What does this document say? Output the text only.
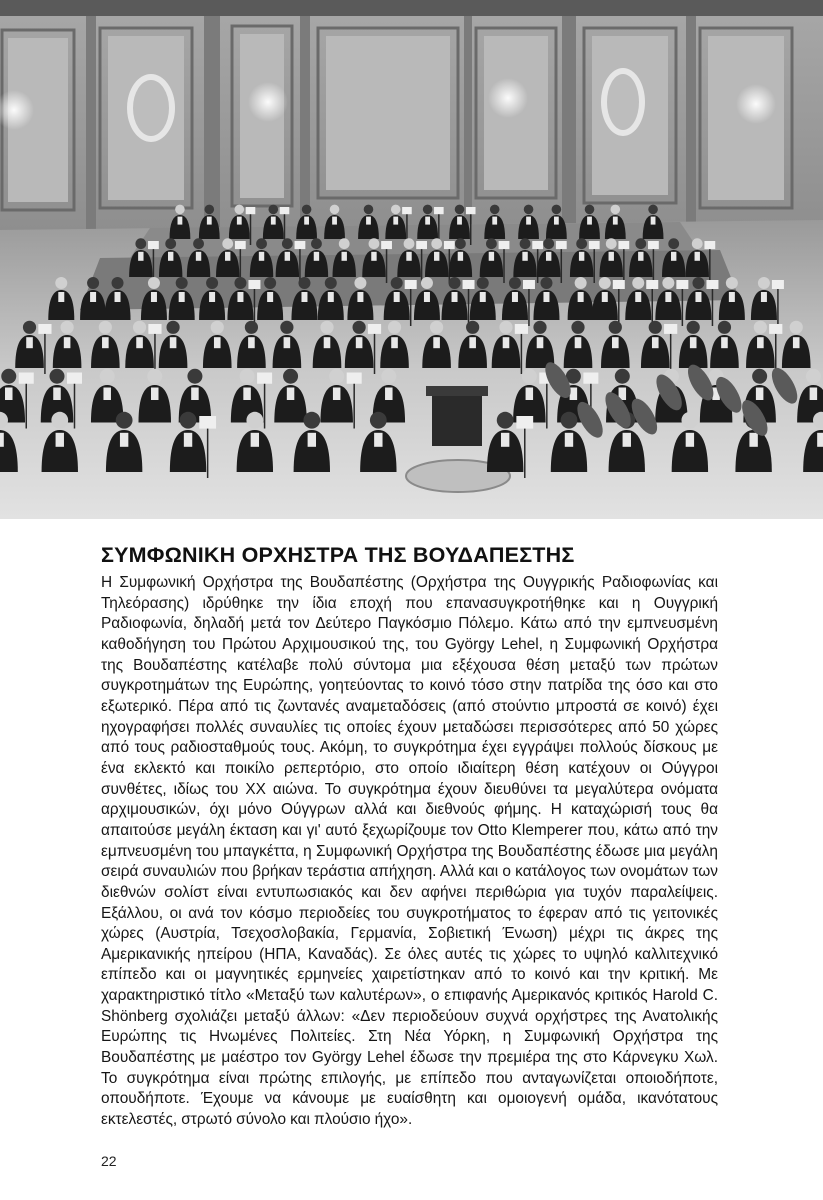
ΣΥΜΦΩΝΙΚΗ ΟΡΧΗΣΤΡΑ ΤΗΣ ΒΟΥΔΑΠΕΣΤΗΣ

Η Συμφωνική Ορχήστρα της Βουδαπέστης (Ορχήστρα της Ουγγρικής Ραδιοφωνίας και Τηλεόρασης) ιδρύθηκε την ίδια εποχή που επανασυγκροτήθηκε και η Ουγγρική Ραδιοφωνία, δηλαδή μετά τον Δεύτερο Παγκόσμιο Πόλεμο. Κάτω από την εμπνευσμένη καθοδήγηση του Πρώτου Αρχιμουσικού της, του György Lehel, η Συμφωνική Ορχήστρα της Βουδαπέστης κατέλαβε πολύ σύντομα μια εξέχουσα θέση μεταξύ των πρώτων συγκροτημάτων της Ευρώπης, γοητεύοντας το κοινό τόσο στην πατρίδα της όσο και στο εξωτερικό. Πέρα από τις ζωντανές αναμεταδόσεις (από στούντιο μπροστά σε κοινό) έχει ηχογραφήσει πολλές συναυλίες τις οποίες έχουν μεταδώσει περισσότερες από 50 χώρες από τους ραδιοσταθμούς τους. Ακόμη, το συγκρότημα έχει εγγράψει πολλούς δίσκους με ένα εκλεκτό και ποικίλο ρεπερτόριο, στο οποίο ιδιαίτερη θέση κατέχουν οι Ούγγροι συνθέτες, ιδίως του ΧΧ αιώνα. Το συγκρότημα έχουν διευθύνει τα μεγαλύτερα ονόματα αρχιμουσικών, όχι μόνο Ούγγρων αλλά και διεθνούς φήμης. Η καταχώρισή τους θα απαιτούσε μεγάλη έκταση και γι' αυτό ξεχωρίζουμε τον Otto Klemperer που, κάτω από την εμπνευσμένη του μπαγκέττα, η Συμφωνική Ορχήστρα της Βουδαπέστης έδωσε μια μεγάλη σειρά συναυλιών που βρήκαν τεράστια απήχηση. Αλλά και ο κατάλογος των ονομάτων των διεθνών σολίστ είναι εντυπωσιακός και δεν αφήνει περιθώρια για τυχόν παραλείψεις. Εξάλλου, οι ανά τον κόσμο περιοδείες του συγκροτήματος το έφεραν από τις γειτονικές χώρες (Αυστρία, Τσεχοσλοβακία, Γερμανία, Σοβιετική Ένωση) μέχρι τις άκρες της Αμερικανικής ηπείρου (ΗΠΑ, Καναδάς). Σε όλες αυτές τις χώρες το υψηλό καλλιτεχνικό επίπεδο και οι μαγνητικές ερμηνείες χαιρετίστηκαν από το κοινό και την κριτική. Με χαρακτηριστικό τίτλο «Μεταξύ των καλυτέρων», ο επιφανής Αμερικανός κριτικός Harold C. Shönberg σχολιάζει μεταξύ άλλων: «Δεν περιοδεύουν συχνά ορχήστρες της Ανατολικής Ευρώπης τις Ηνωμένες Πολιτείες. Στη Νέα Υόρκη, η Συμφωνική Ορχήστρα της Βουδαπέστης με μαέστρο τον György Lehel έδωσε την πρεμιέρα της στο Κάρνεγκυ Χωλ. Το συγκρότημα είναι πρώτης επιλογής, με επίπεδο που ανταγωνίζεται οποιοδήποτε, οπουδήποτε. Έχουμε να κάνουμε με ευαίσθητη και ομοιογενή ομάδα, ικανότατους εκτελεστές, στρωτό σύνολο και πλούσιο ήχο».

22
